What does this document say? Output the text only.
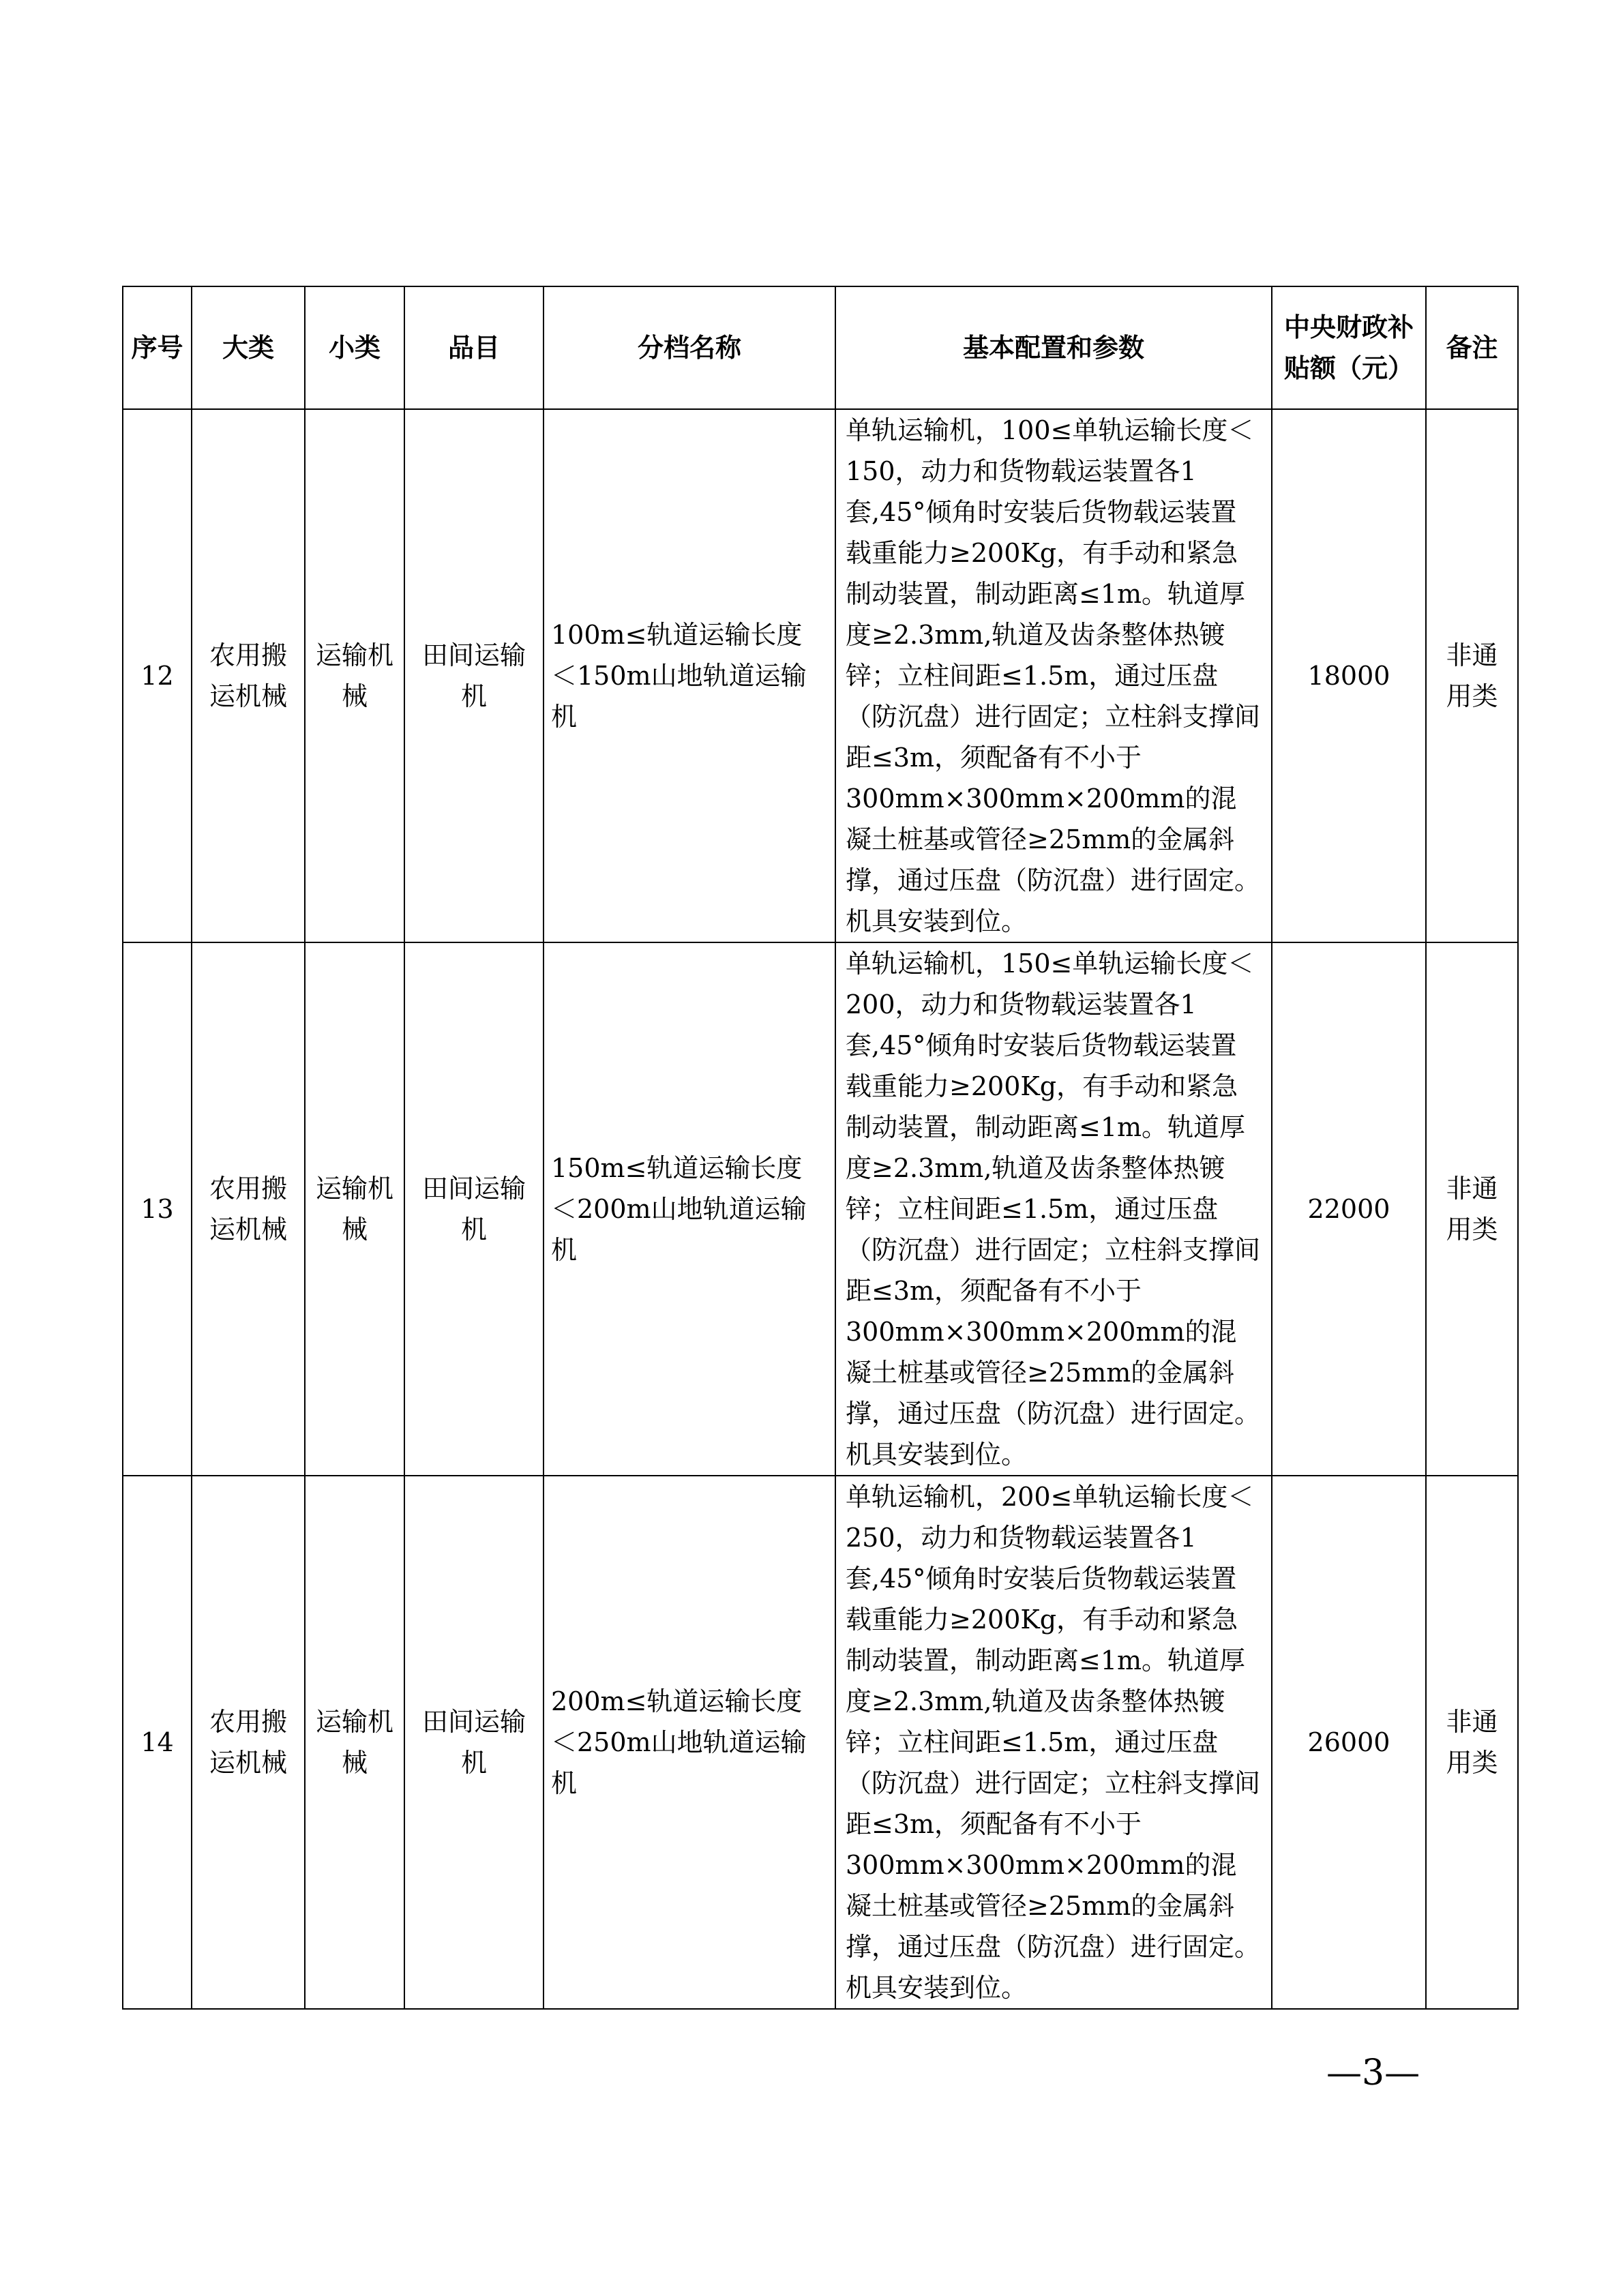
序号	大类	小类	品目	分档名称	基本配置和参数	中央财政补贴额（元）	备注
12	农用搬运机械	运输机械	田间运输机	100m≤轨道运输长度＜150m山地轨道运输机	单轨运输机，100≤单轨运输长度＜150，动力和货物载运装置各1套,45°倾角时安装后货物载运装置载重能力≥200Kg，有手动和紧急制动装置，制动距离≤1m。轨道厚度≥2.3mm,轨道及齿条整体热镀锌；立柱间距≤1.5m，通过压盘（防沉盘）进行固定；立柱斜支撑间距≤3m，须配备有不小于300mm×300mm×200mm的混凝土桩基或管径≥25mm的金属斜撑，通过压盘（防沉盘）进行固定。机具安装到位。	18000	非通用类
13	农用搬运机械	运输机械	田间运输机	150m≤轨道运输长度＜200m山地轨道运输机	单轨运输机，150≤单轨运输长度＜200，动力和货物载运装置各1套,45°倾角时安装后货物载运装置载重能力≥200Kg，有手动和紧急制动装置，制动距离≤1m。轨道厚度≥2.3mm,轨道及齿条整体热镀锌；立柱间距≤1.5m，通过压盘（防沉盘）进行固定；立柱斜支撑间距≤3m，须配备有不小于300mm×300mm×200mm的混凝土桩基或管径≥25mm的金属斜撑，通过压盘（防沉盘）进行固定。机具安装到位。	22000	非通用类
14	农用搬运机械	运输机械	田间运输机	200m≤轨道运输长度＜250m山地轨道运输机	单轨运输机，200≤单轨运输长度＜250，动力和货物载运装置各1套,45°倾角时安装后货物载运装置载重能力≥200Kg，有手动和紧急制动装置，制动距离≤1m。轨道厚度≥2.3mm,轨道及齿条整体热镀锌；立柱间距≤1.5m，通过压盘（防沉盘）进行固定；立柱斜支撑间距≤3m，须配备有不小于300mm×300mm×200mm的混凝土桩基或管径≥25mm的金属斜撑，通过压盘（防沉盘）进行固定。机具安装到位。	26000	非通用类
—3—
